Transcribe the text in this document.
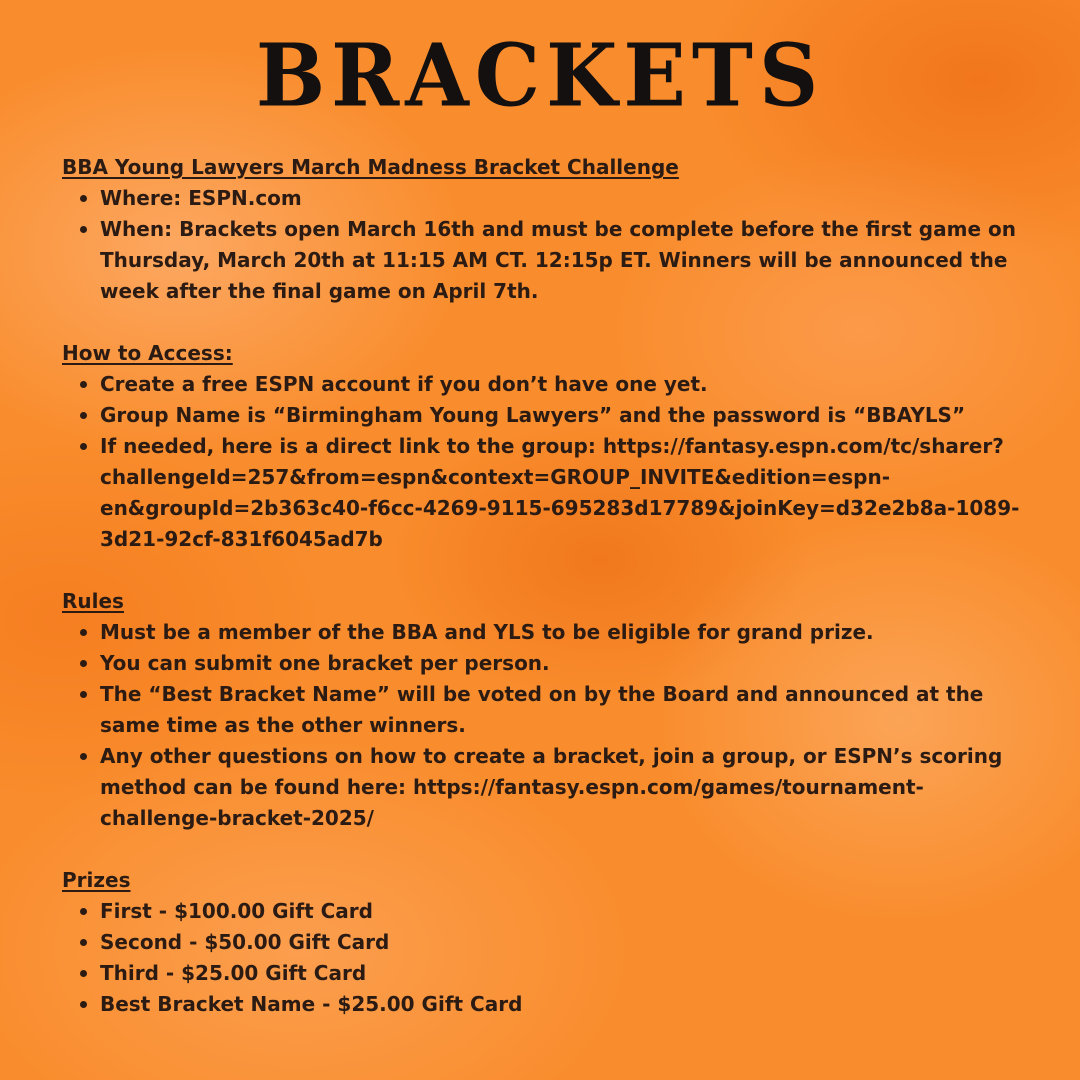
BRACKETS
BBA Young Lawyers March Madness Bracket Challenge
Where: ESPN.com
When: Brackets open March 16th and must be complete before the first game on Thursday, March 20th at 11:15 AM CT. 12:15p ET. Winners will be announced the week after the final game on April 7th.
How to Access:
Create a free ESPN account if you don’t have one yet.
Group Name is “Birmingham Young Lawyers” and the password is “BBAYLS”
If needed, here is a direct link to the group: https://fantasy.espn.com/tc/sharer?challengeId=257&from=espn&context=GROUP_INVITE&edition=espn-en&groupId=2b363c40-f6cc-4269-9115-695283d17789&joinKey=d32e2b8a-1089-3d21-92cf-831f6045ad7b
Rules
Must be a member of the BBA and YLS to be eligible for grand prize.
You can submit one bracket per person.
The “Best Bracket Name” will be voted on by the Board and announced at the same time as the other winners.
Any other questions on how to create a bracket, join a group, or ESPN’s scoring method can be found here: https://fantasy.espn.com/games/tournament-challenge-bracket-2025/
Prizes
First - $100.00 Gift Card
Second - $50.00 Gift Card
Third - $25.00 Gift Card
Best Bracket Name - $25.00 Gift Card
